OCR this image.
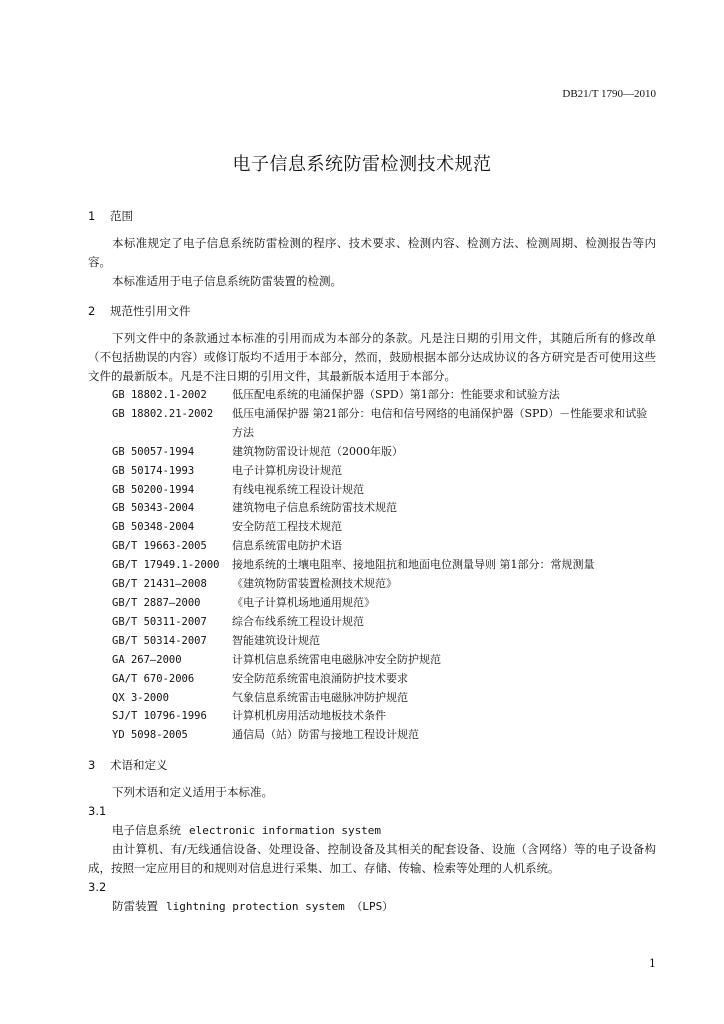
DB21/T 1790—2010
电子信息系统防雷检测技术规范

1 范围

本标准规定了电子信息系统防雷检测的程序、技术要求、检测内容、检测方法、检测周期、检测报告等内容。

本标准适用于电子信息系统防雷装置的检测。

2 规范性引用文件

下列文件中的条款通过本标准的引用而成为本部分的条款。凡是注日期的引用文件，其随后所有的修改单（不包括勘误的内容）或修订版均不适用于本部分，然而，鼓励根据本部分达成协议的各方研究是否可使用这些文件的最新版本。凡是不注日期的引用文件，其最新版本适用于本部分。

GB 18802.1-2002	低压配电系统的电涌保护器（SPD）第1部分：性能要求和试验方法
GB 18802.21-2002	低压电涌保护器 第21部分：电信和信号网络的电涌保护器（SPD）－性能要求和试验方法
GB 50057-1994	建筑物防雷设计规范（2000年版）
GB 50174-1993	电子计算机房设计规范
GB 50200-1994	有线电视系统工程设计规范
GB 50343-2004	建筑物电子信息系统防雷技术规范
GB 50348-2004	安全防范工程技术规范
GB/T 19663-2005	信息系统雷电防护术语
GB/T 17949.1-2000	接地系统的土壤电阻率、接地阻抗和地面电位测量导则 第1部分：常规测量
GB/T 21431—2008	《建筑物防雷装置检测技术规范》
GB/T 2887—2000	《电子计算机场地通用规范》
GB/T 50311-2007	综合布线系统工程设计规范
GB/T 50314-2007	智能建筑设计规范
GA 267—2000	计算机信息系统雷电电磁脉冲安全防护规范
GA/T 670-2006	安全防范系统雷电浪涌防护技术要求
QX 3-2000	气象信息系统雷击电磁脉冲防护规范
SJ/T 10796-1996	计算机机房用活动地板技术条件
YD 5098-2005	通信局（站）防雷与接地工程设计规范

3 术语和定义

下列术语和定义适用于本标准。

3.1

电子信息系统 electronic information system

由计算机、有/无线通信设备、处理设备、控制设备及其相关的配套设备、设施（含网络）等的电子设备构成，按照一定应用目的和规则对信息进行采集、加工、存储、传输、检索等处理的人机系统。

3.2

防雷装置 lightning protection system （LPS）

1
